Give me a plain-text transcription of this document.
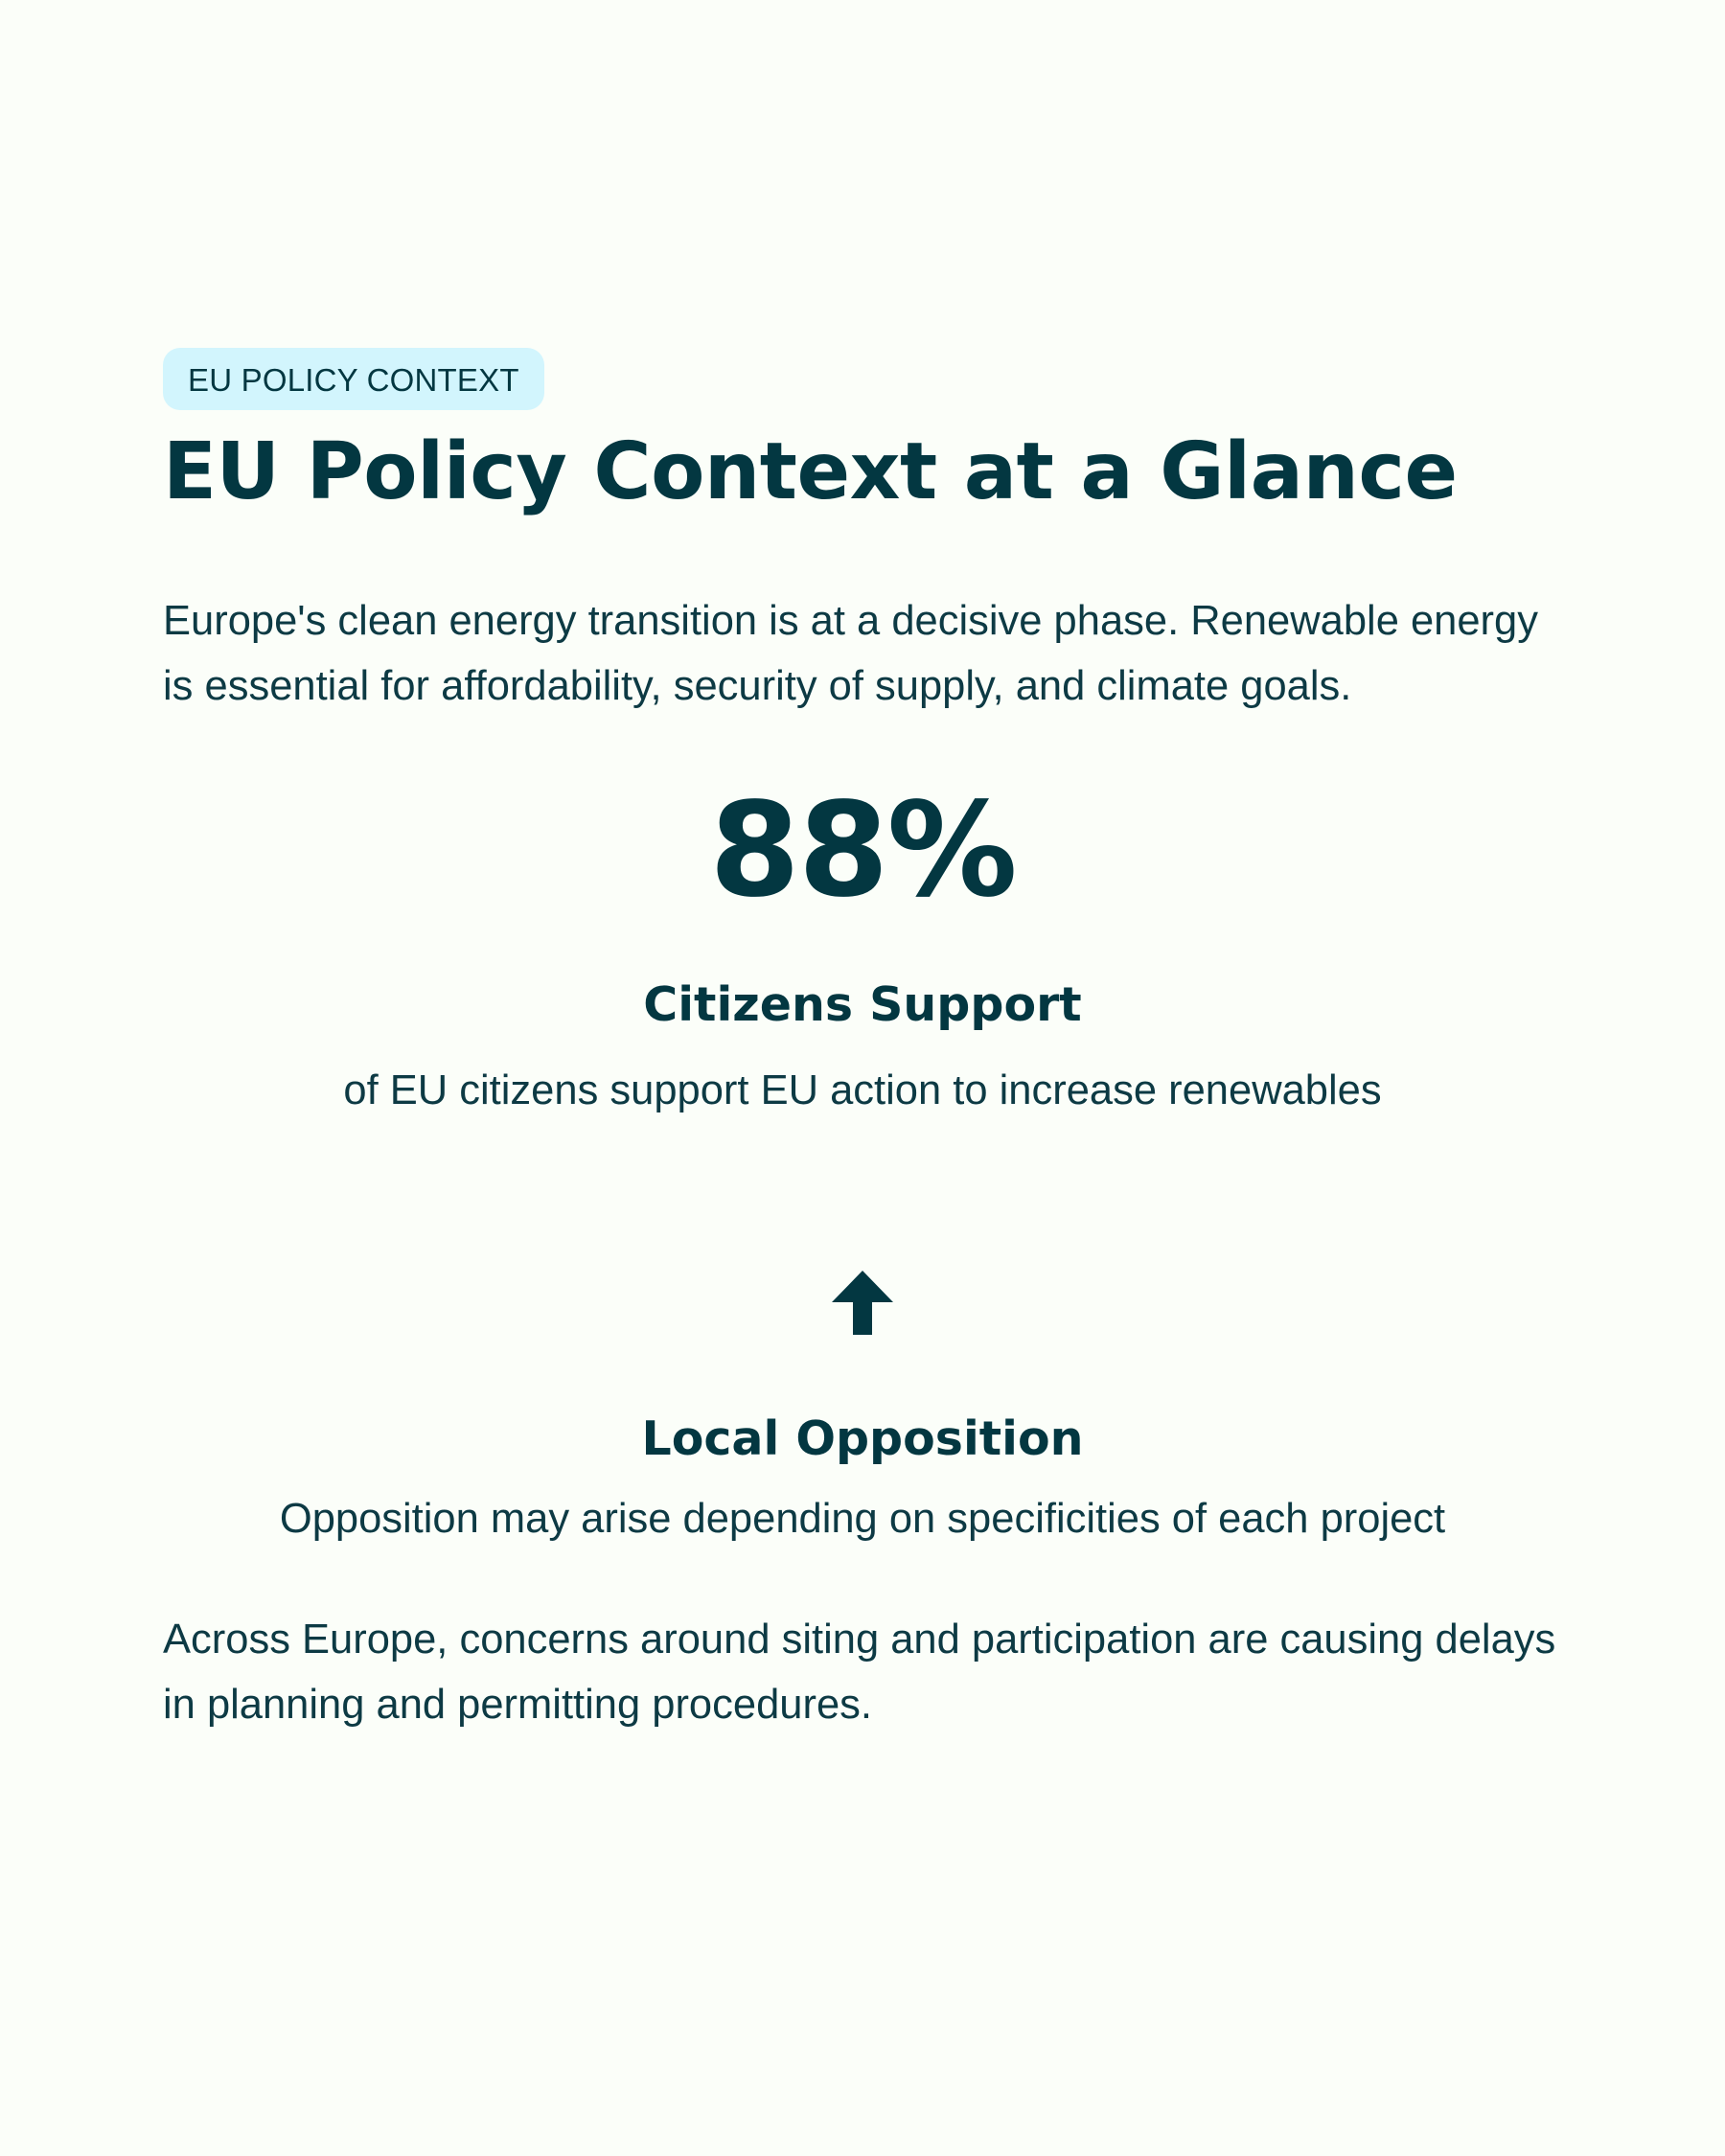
EU POLICY CONTEXT
EU Policy Context at a Glance

Europe's clean energy transition is at a decisive phase. Renewable energy is essential for affordability, security of supply, and climate goals.

88%
Citizens Support
of EU citizens support EU action to increase renewables
Local Opposition
Opposition may arise depending on specificities of each project

Across Europe, concerns around siting and participation are causing delays in planning and permitting procedures.
